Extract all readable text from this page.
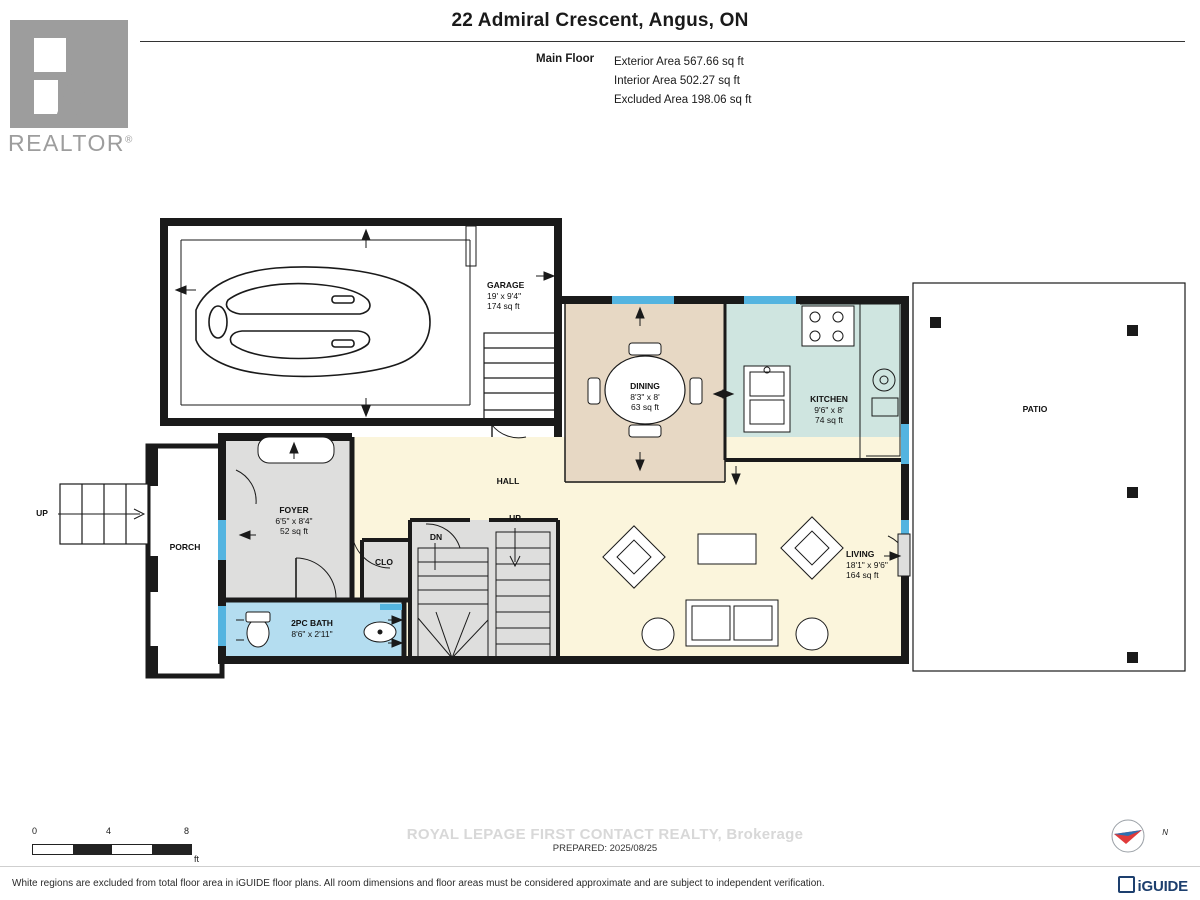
22 Admiral Crescent, Angus, ON
Main Floor Exterior Area 567.66 sq ft
Interior Area 502.27 sq ft
Excluded Area 198.06 sq ft
REALTOR®
GARAGE
19' x 9'4"
174 sq ft
DINING
8'3" x 8'
63 sq ft
KITCHEN
9'6" x 8'
74 sq ft
FOYER
6'5" x 8'4"
52 sq ft
2PC BATH
8'6" x 2'11"
LIVING
18'1" x 9'6"
164 sq ft
HALL
PORCH
CLO
PATIO
UP	UP
DN
0	4	8
ft
ROYAL LEPAGE FIRST CONTACT REALTY, Brokerage
PREPARED: 2025/08/25
N
White regions are excluded from total floor area in iGUIDE floor plans. All room dimensions and floor areas must be considered approximate and are subject to independent verification.	iGUIDE
